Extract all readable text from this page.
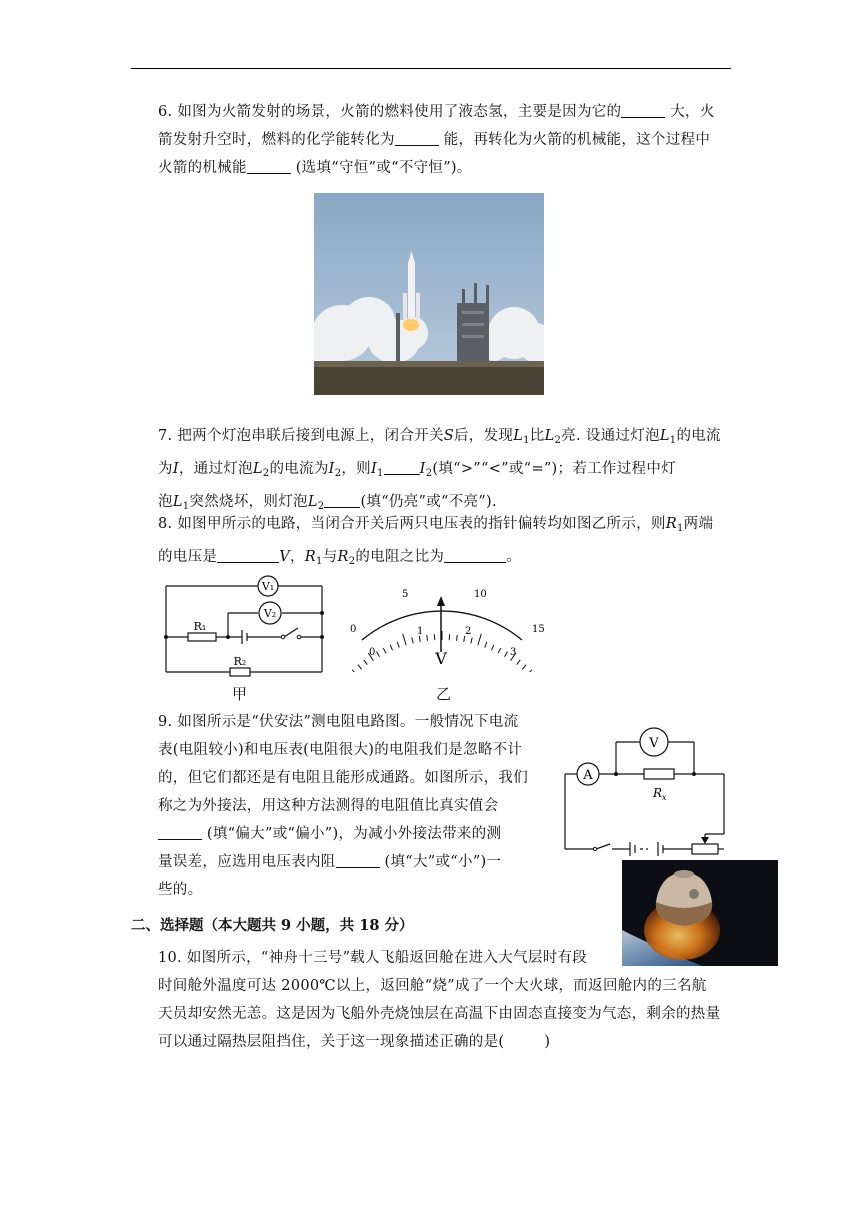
6. 如图为火箭发射的场景，火箭的燃料使用了液态氢，主要是因为它的	大，火

箭发射升空时，燃料的化学能转化为	能，再转化为火箭的机械能，这个过程中

火箭的机械能	(选填“守恒”或“不守恒”)。

7. 把两个灯泡串联后接到电源上，闭合开关S后，发现$L_1$比$L_2$亮. 设通过灯泡$L_1$的电流

为I，通过灯泡$L_2$的电流为$I_2$，则$I_1$ $I_2$(填“>”“<”或“=”)；若工作过程中灯

泡$L_1$突然烧坏，则灯泡$L_2$ (填“仍亮”或“不亮”).

8. 如图甲所示的电路，当闭合开关后两只电压表的指针偏转均如图乙所示，则$R_1$两端

的电压是	V，$R_1$与$R_2$的电阻之比为	。

V₁
V₂
R₁
R₂
0
5	10
15
0
1	2
3
V
甲	乙

9. 如图所示是“伏安法”测电阻电路图。一般情况下电流

表(电阻较小)和电压表(电阻很大)的电阻我们是忽略不计

的，但它们都还是有电阻且能形成通路。如图所示，我们

称之为外接法，用这种方法测得的电阻值比真实值会

(填“偏大”或“偏小”)，为减小外接法带来的测

量误差，应选用电压表内阻	(填“大”或“小”)一

些的。

A
V
$R_x$
二、选择题（本大题共 9 小题，共 18 分）

10. 如图所示，“神舟十三号”载人飞船返回舱在进入大气层时有段

时间舱外温度可达 2000℃以上，返回舱“烧”成了一个大火球，而返回舱内的三名航

天员却安然无恙。这是因为飞船外壳烧蚀层在高温下由固态直接变为气态，剩余的热量

可以通过隔热层阻挡住，关于这一现象描述正确的是(	)
